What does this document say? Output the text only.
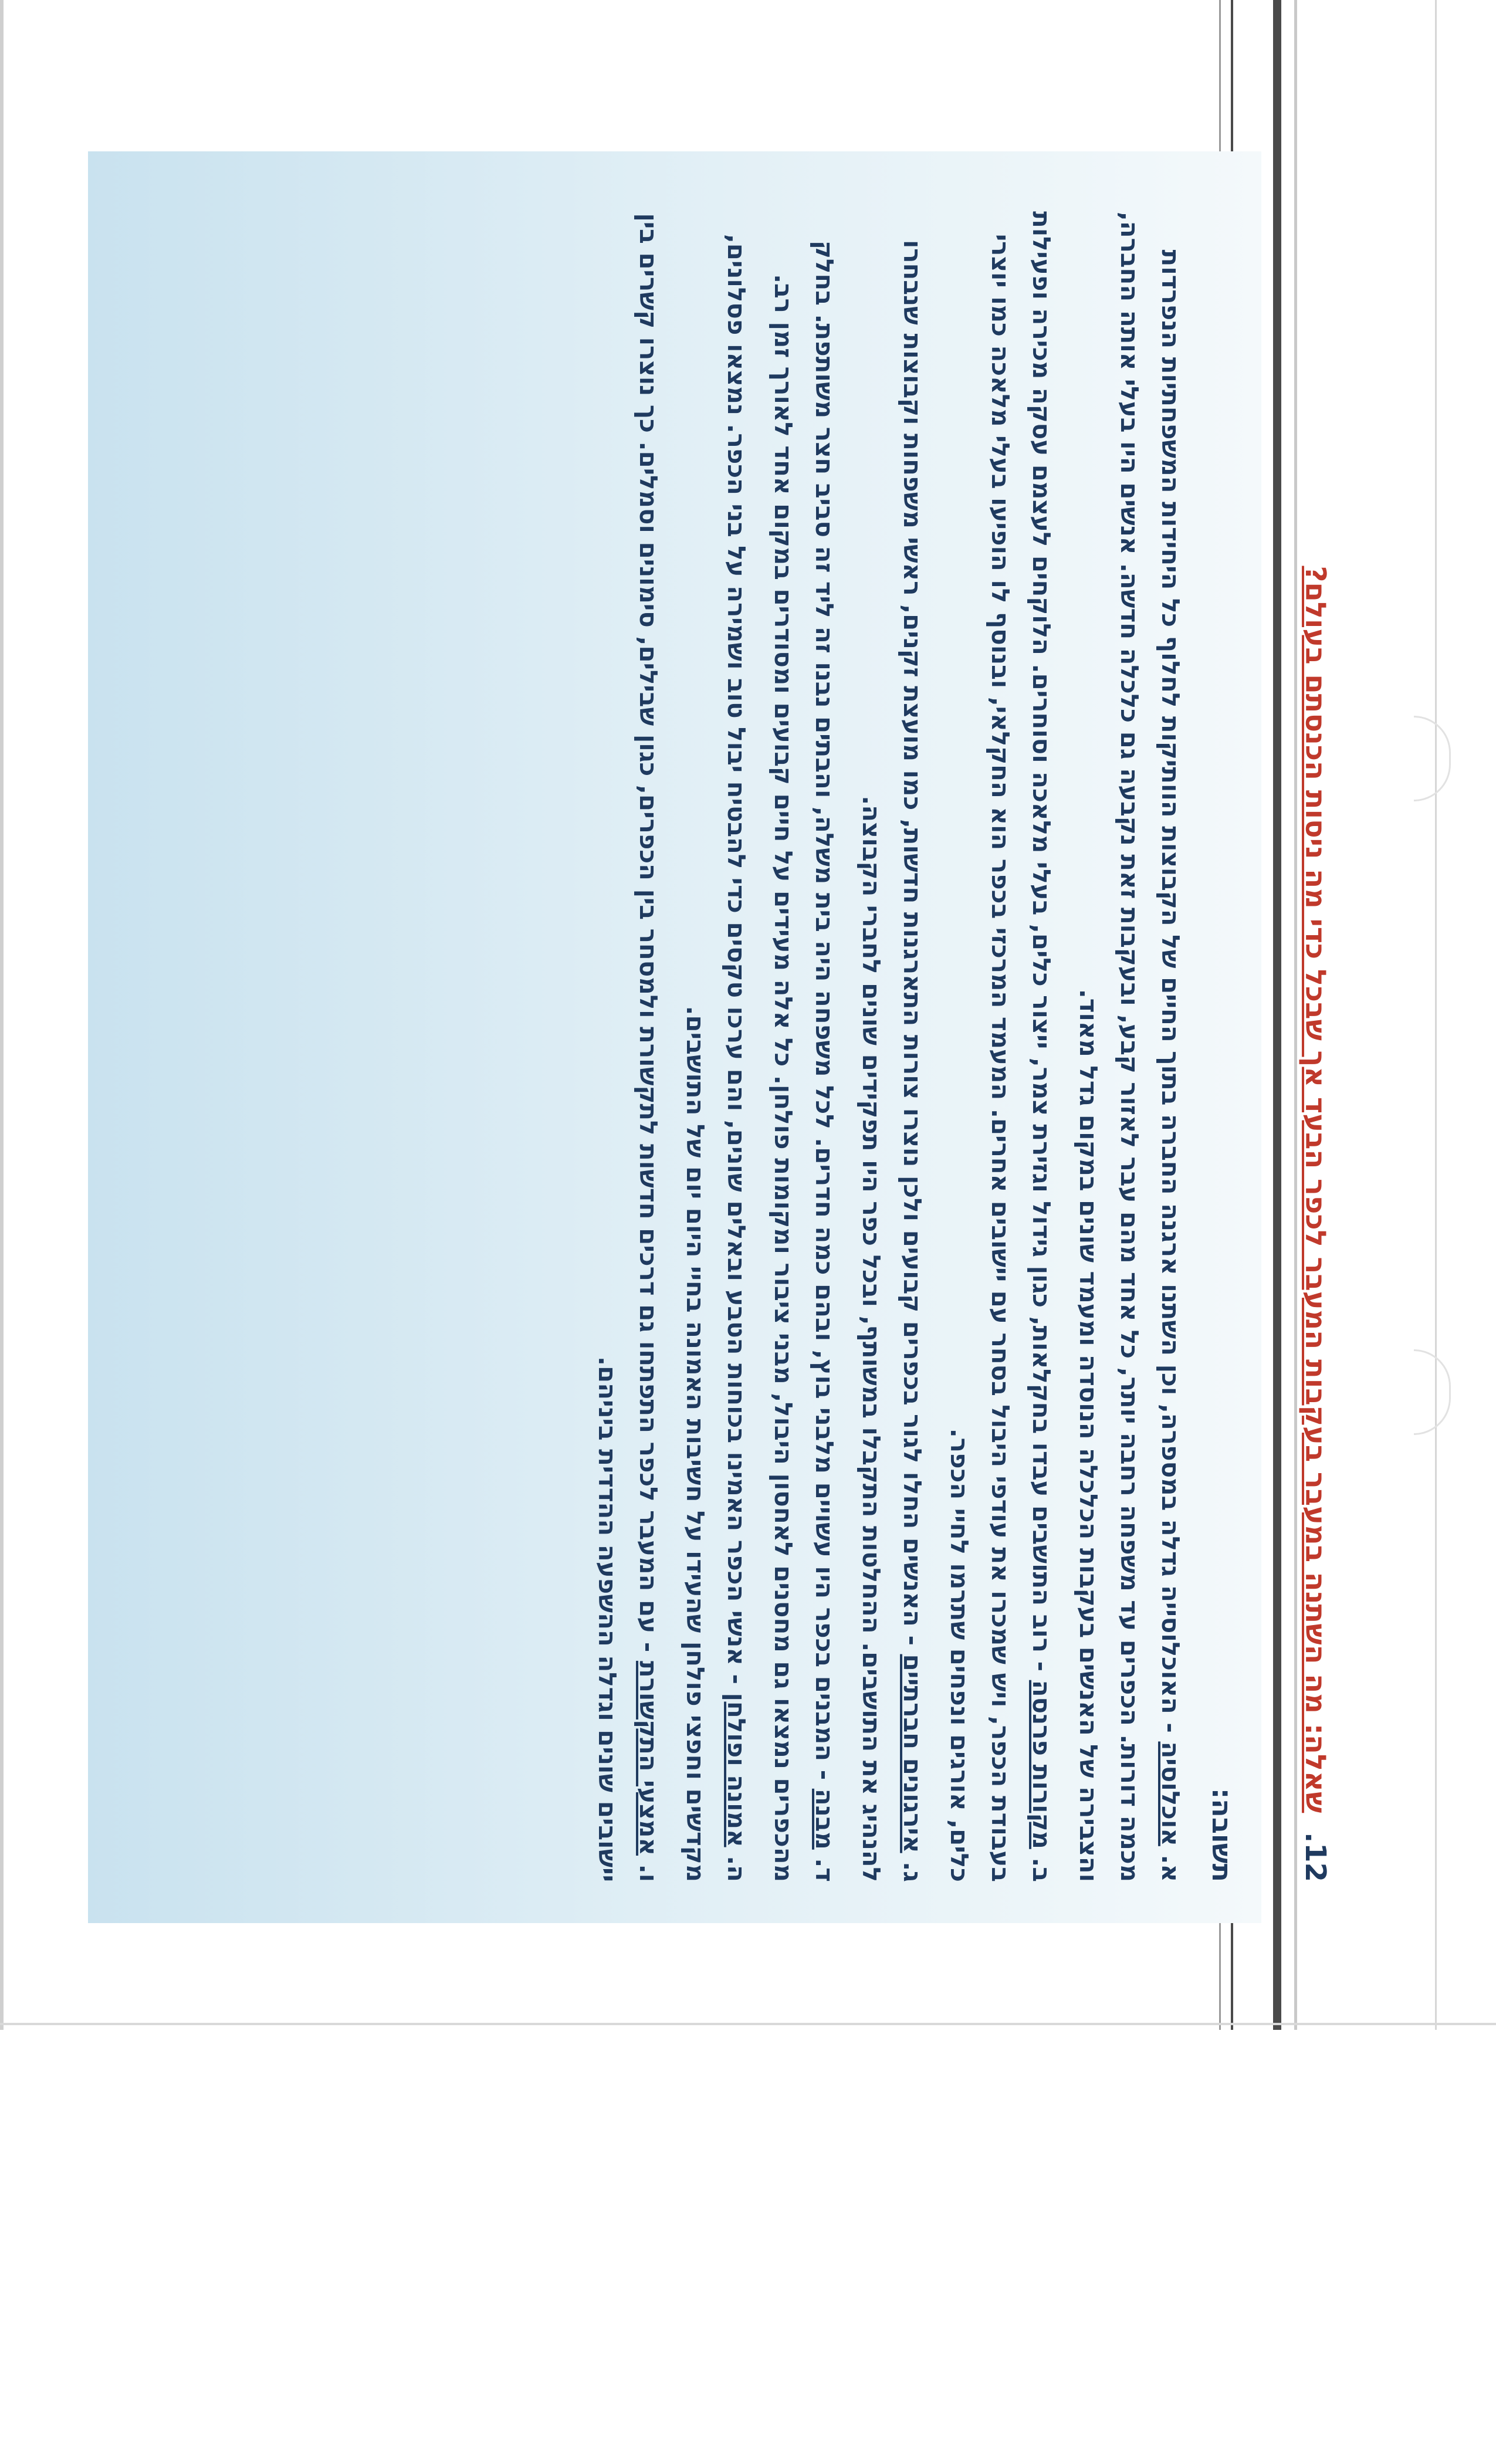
12. שאלה: מה השתנה במעבר בעקבות המעבר לכפר הבעד אך שבכל כדי מה ניסות הכנסתם בעולם?
תשובה:

א. אוכלוסיה - האוכלוסייה גדלה במספרה, וכן השתנו ארגנה החברה בתוך החיים של הקבוצות הוותיקות לחלוף כל היחידות המשפחתיות הנפרדות מכמה דורות. הכפרים עד משפחה רחבה יותר, כל אחד מהם עבר לאזור קבע, ובעקבות זאת נקבעה גם כלכלה חדשה. אנשים היו בעלי אותה החברה, והצבירה של האנשים בעקבות הכלכלה הנוסדה ומעמד שונים במקום גדל מאוד.

ב. מקורות פרנסה - רוב התושבים עבדו בחקלאות, כגון גידול וגזירת צמר, ייצור כלים, בעלי מלאכה וסוחרים. הלוקחים לעצמם עסקה מכירה ופעילות בעבודת הכפר, ויש שמכרו את עודפי היבול בסחר עם יישובים אחרים. המעמד המרכזי בכפר הוא החקלאי, ובנוסף לו הופיעו בעלי מלאכה כמו יוצרי כלים, אורגים ונפחים שתרמו לחיי הכפר.

ג. אירגונים חברתיים - האנשים החלו לגור בכפרים קבועים ולכן נוצרו צורות התארגנות חדשות, כמו מועצת זקנים, ראשי משפחות וקבוצות שנבחרו להנהיג את התושבים. ההחלטות התקבלו במשותף, ובכל כפר היו תפקידים שונים לחברי הקבוצה.

ד. מבנה - המבנים בכפר היו עשויים מלבני בוץ, ובהם כמה חדרים. לכל משפחה היה בית משלה, והבתים נבנו זה ליד זה סביב חצר משותפת. בחלק מהכפרים נמצאו גם מחסנים לאחסון היבול, מבני ציבור ומקומות פולחן. כל אלה מעידים על חיים קבועים ומסודרים במקום אחד לאורך זמן רב.

ה. אמונה ופולחן - אנשי הכפר האמינו בכוחות הטבע ובאלים שונים, והם ערכו טקסים כדי להבטיח יבול טוב ושמירה על בני הכפר. נמצאו פסלונים, מקדשים וחפצי פולחן שהעידו על חשיבות האמונה בחיי היום יום של התושבים.

ו. אמצעי התקשורת - עם המעבר לכפר התפתחו גם דרכים חדשות לתקשורת ולמסחר בין הכפרים, כגון שבילים, סימונים וסמלים. כך נוצרו קשרים בין יישובים שונים וגדלה ההשפעה ההדדית ביניהם.
